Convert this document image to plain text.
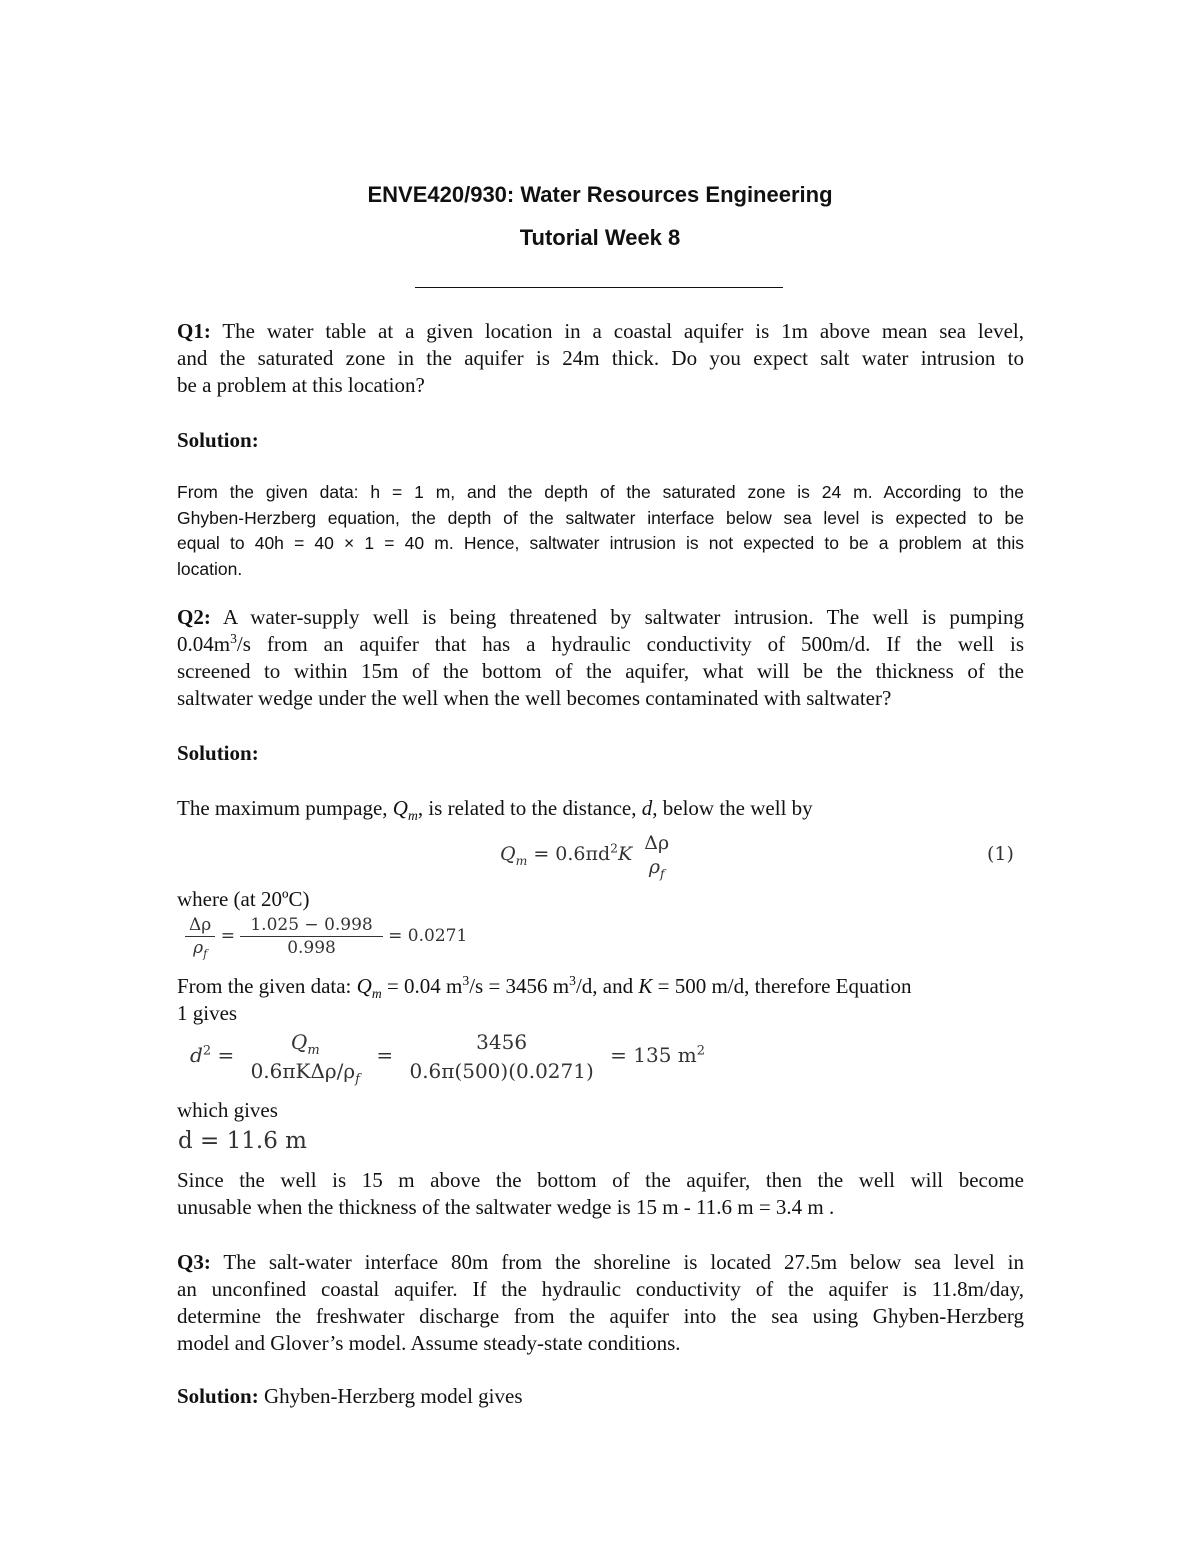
ENVE420/930: Water Resources Engineering
Tutorial Week 8
Q1: The water table at a given location in a coastal aquifer is 1m above mean sea level,
and the saturated zone in the aquifer is 24m thick. Do you expect salt water intrusion to
be a problem at this location?
Solution:
From the given data: h = 1 m, and the depth of the saturated zone is 24 m. According to the
Ghyben-Herzberg equation, the depth of the saltwater interface below sea level is expected to be
equal to 40h = 40 × 1 = 40 m. Hence, saltwater intrusion is not expected to be a problem at this
location.
Q2: A water-supply well is being threatened by saltwater intrusion. The well is pumping
$0.04m^3/s$ from an aquifer that has a hydraulic conductivity of 500m/d. If the well is
screened to within 15m of the bottom of the aquifer, what will be the thickness of the
saltwater wedge under the well when the well becomes contaminated with saltwater?
Solution:
The maximum pumpage, $Q_m$, is related to the distance, d, below the well by
$Q_m = 0.6\pi d^2K$ Δρ
$\rho_f$
(1)
where (at 20ºC)
$\frac{\Delta\rho}{\rho_f} = \frac{1.025 - 0.998}{0.998} = 0.0271$
From the given data: $Q_m = 0.04$ $m^3/s = 3456$ $m^3/d$, and K = 500 m/d, therefore Equation
1 gives
$d^2$ =
$Q_m$
$0.6\pi K\Delta\rho/\rho_f$
=
3456
0.6π(500)(0.0271)
= 135 $m^2$
which gives
d = 11.6 m
Since the well is 15 m above the bottom of the aquifer, then the well will become
unusable when the thickness of the saltwater wedge is 15 m - 11.6 m = 3.4 m .
Q3: The salt-water interface 80m from the shoreline is located 27.5m below sea level in
an unconfined coastal aquifer. If the hydraulic conductivity of the aquifer is 11.8m/day,
determine the freshwater discharge from the aquifer into the sea using Ghyben-Herzberg
model and Glover’s model. Assume steady-state conditions.
Solution: Ghyben-Herzberg model gives
